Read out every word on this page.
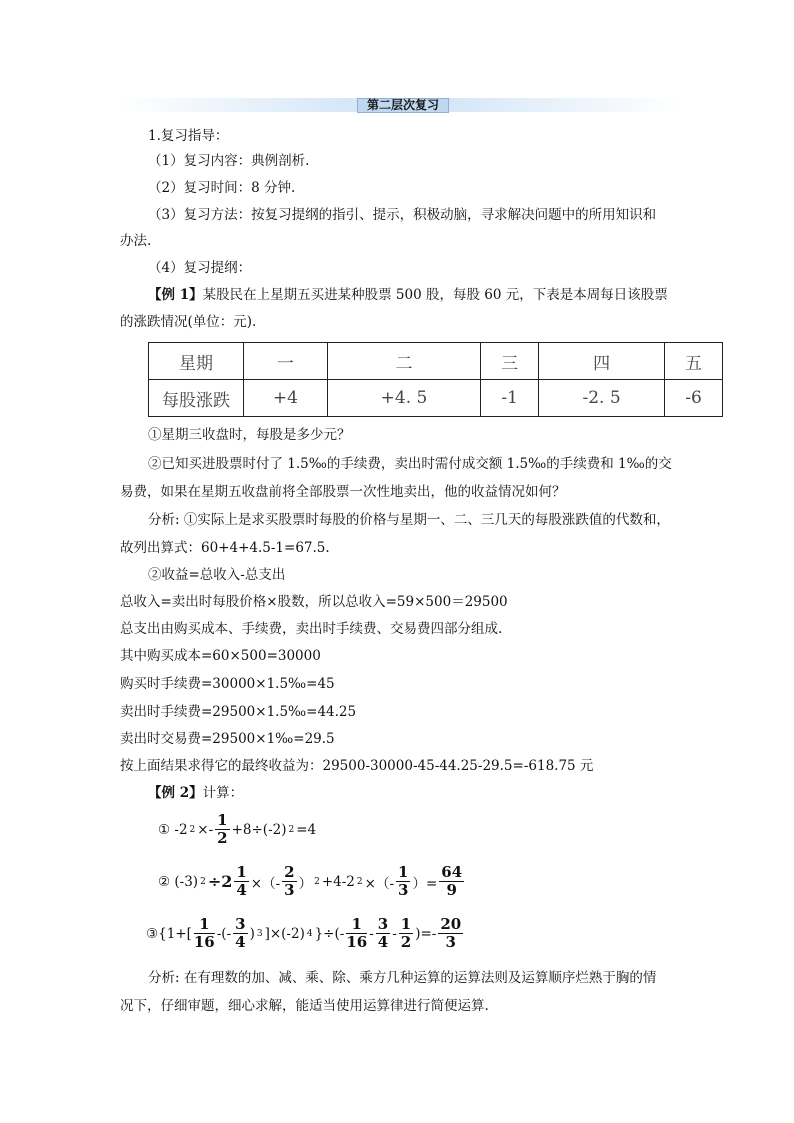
第二层次复习
1.复习指导：
（1）复习内容：典例剖析.
（2）复习时间：8 分钟.
（3）复习方法：按复习提纲的指引、提示，积极动脑，寻求解决问题中的所用知识和
办法.
（4）复习提纲：
【例 1】某股民在上星期五买进某种股票 500 股，每股 60 元，下表是本周每日该股票
的涨跌情况(单位：元).
星期	一	二	三	四	五
每股涨跌	+4	+4. 5	-1	-2. 5	-6
①星期三收盘时，每股是多少元？
②已知买进股票时付了 1.5‰的手续费，卖出时需付成交额 1.5‰的手续费和 1‰的交
易费，如果在星期五收盘前将全部股票一次性地卖出，他的收益情况如何？
分析: ①实际上是求买股票时每股的价格与星期一、二、三几天的每股涨跌值的代数和，
故列出算式：60+4+4.5-1=67.5.
②收益=总收入-总支出
总收入=卖出时每股价格×股数，所以总收入=59×500＝29500
总支出由购买成本、手续费，卖出时手续费、交易费四部分组成.
其中购买成本=60×500=30000
购买时手续费=30000×1.5‰=45
卖出时手续费=29500×1.5‰=44.25
卖出时交易费=29500×1‰=29.5
按上面结果求得它的最终收益为：29500-30000-45-44.25-29.5=-618.75 元
【例 2】计算：
① -2 $2 \times- \frac{1}{2} +8\div(-2)$ 2 =4
② (-3) $2 \div 2 \frac{1}{4}$ ×（- $\frac{2}{3}$ ） 2 +4-2 2 ×（- $\frac{1}{3}$ ）= $\frac{64}{9}$
③{1+[ $\frac{1}{16}$ -(- $\frac{3}{4}$ ) 3 ]×(-2) 4 }÷(- $\frac{1}{16} - \frac{3}{4} - \frac{1}{2}$ )=- $\frac{20}{3}$
分析: 在有理数的加、减、乘、除、乘方几种运算的运算法则及运算顺序烂熟于胸的情
况下，仔细审题，细心求解，能适当使用运算律进行简便运算.
